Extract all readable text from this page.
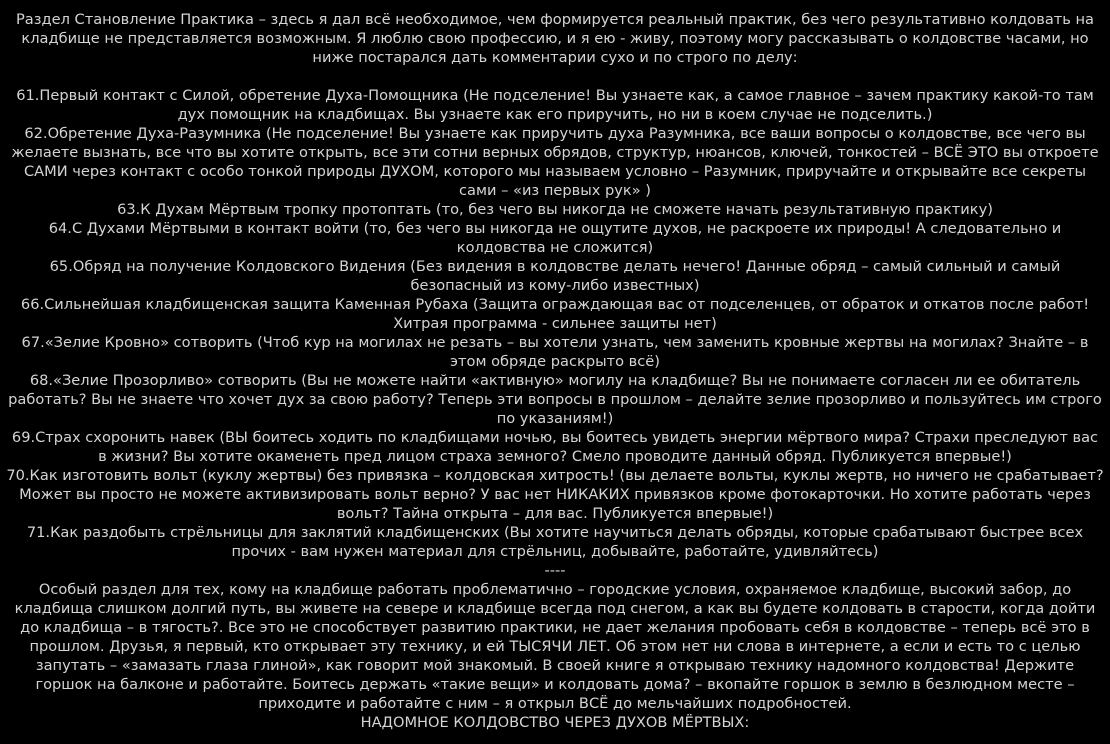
Раздел Становление Практика – здесь я дал всё необходимое, чем формируется реальный практик, без чего результативно колдовать на кладбище не представляется возможным. Я люблю свою профессию, и я ею - живу, поэтому могу рассказывать о колдовстве часами, но ниже постарался дать комментарии сухо и по строго по делу:

61.Первый контакт с Силой, обретение Духа-Помощника (Не подселение! Вы узнаете как, а самое главное – зачем практику какой-то там дух помощник на кладбищах. Вы узнаете как его приручить, но ни в коем случае не подселить.)

62.Обретение Духа-Разумника (Не подселение! Вы узнаете как приручить духа Разумника, все ваши вопросы о колдовстве, все чего вы желаете вызнать, все что вы хотите открыть, все эти сотни верных обрядов, структур, нюансов, ключей, тонкостей – ВСЁ ЭТО вы откроете САМИ через контакт с особо тонкой природы ДУХОМ, которого мы называем условно – Разумник, приручайте и открывайте все секреты сами – «из первых рук» )

63.К Духам Мёртвым тропку протоптать (то, без чего вы никогда не сможете начать результативную практику)

64.С Духами Мёртвыми в контакт войти (то, без чего вы никогда не ощутите духов, не раскроете их природы! А следовательно и колдовства не сложится)

65.Обряд на получение Колдовского Видения (Без видения в колдовстве делать нечего! Данные обряд – самый сильный и самый безопасный из кому-либо известных)

66.Сильнейшая кладбищенская защита Каменная Рубаха (Защита ограждающая вас от подселенцев, от обраток и откатов после работ! Хитрая программа - сильнее защиты нет)

67.«Зелие Кровно» сотворить (Чтоб кур на могилах не резать – вы хотели узнать, чем заменить кровные жертвы на могилах? Знайте – в этом обряде раскрыто всё)

68.«Зелие Прозорливо» сотворить (Вы не можете найти «активную» могилу на кладбище? Вы не понимаете согласен ли ее обитатель работать? Вы не знаете что хочет дух за свою работу? Теперь эти вопросы в прошлом – делайте зелие прозорливо и пользуйтесь им строго по указаниям!)

69.Страх схоронить навек (ВЫ боитесь ходить по кладбищами ночью, вы боитесь увидеть энергии мёртвого мира? Страхи преследуют вас в жизни? Вы хотите окаменеть пред лицом страха земного? Смело проводите данный обряд. Публикуется впервые!)

70.Как изготовить вольт (куклу жертвы) без привязка – колдовская хитрость! (вы делаете вольты, куклы жертв, но ничего не срабатывает? Может вы просто не можете активизировать вольт верно? У вас нет НИКАКИХ привязков кроме фотокарточки. Но хотите работать через вольт? Тайна открыта – для вас. Публикуется впервые!)

71.Как раздобыть стрёльницы для заклятий кладбищенских (Вы хотите научиться делать обряды, которые срабатывают быстрее всех прочих - вам нужен материал для стрёльниц, добывайте, работайте, удивляйтесь)

----

Особый раздел для тех, кому на кладбище работать проблематично – городские условия, охраняемое кладбище, высокий забор, до кладбища слишком долгий путь, вы живете на севере и кладбище всегда под снегом, а как вы будете колдовать в старости, когда дойти до кладбища – в тягость?. Все это не способствует развитию практики, не дает желания пробовать себя в колдовстве – теперь всё это в прошлом. Друзья, я первый, кто открывает эту технику, и ей ТЫСЯЧИ ЛЕТ. Об этом нет ни слова в интернете, а если и есть то с целью запутать – «замазать глаза глиной», как говорит мой знакомый. В своей книге я открываю технику надомного колдовства! Держите горшок на балконе и работайте. Боитесь держать «такие вещи» и колдовать дома? – вкопайте горшок в землю в безлюдном месте – приходите и работайте с ним – я открыл ВСЁ до мельчайших подробностей.

НАДОМНОЕ КОЛДОВСТВО ЧЕРЕЗ ДУХОВ МЁРТВЫХ:
